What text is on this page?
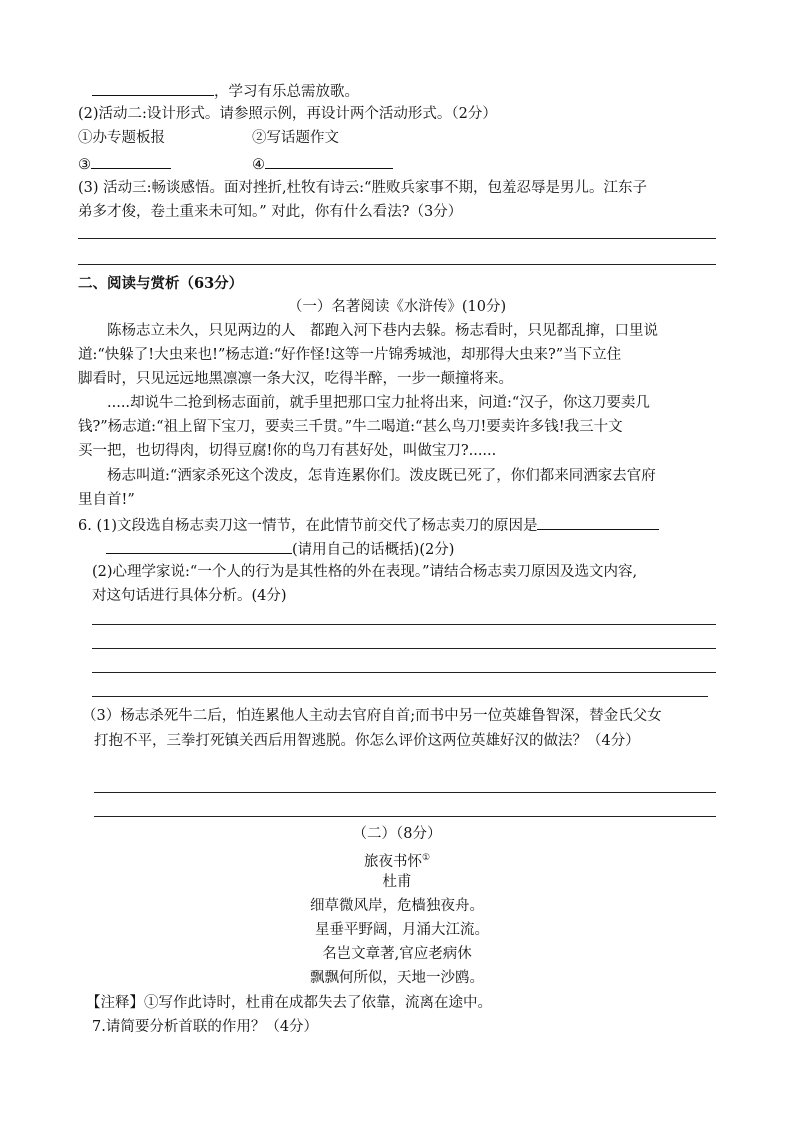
，学习有乐总需放歌。
(2)活动二:设计形式。请参照示例，再设计两个活动形式。（2分）
①办专题板报	②写话题作文
③	④
(3) 活动三:畅谈感悟。面对挫折,杜牧有诗云:“胜败兵家事不期，包羞忍辱是男儿。江东子
弟多才俊，卷土重来未可知。” 对此，你有什么看法?（3分）
二、阅读与赏析（63分）
（一）名著阅读《水浒传》(10分)
陈杨志立未久，只见两边的人　都跑入河下巷内去躲。杨志看时，只见都乱撺，口里说
道:“快躲了!大虫来也!”杨志道:“好作怪!这等一片锦秀城池，却那得大虫来?”当下立住
脚看时，只见远远地黑凛凛一条大汉，吃得半醉，一步一颠撞将来。
.....却说牛二抢到杨志面前，就手里把那口宝力扯将出来，问道:“汉子，你这刀要卖几
钱?”杨志道:“祖上留下宝刀，要卖三千贯。”牛二喝道:“甚么鸟刀!要卖许多钱!我三十文
买一把，也切得肉，切得豆腐!你的鸟刀有甚好处，叫做宝刀?......
杨志叫道:“洒家杀死这个泼皮，怎肯连累你们。泼皮既已死了，你们都来同洒家去官府
里自首!”
6. (1)文段选自杨志卖刀这一情节，在此情节前交代了杨志卖刀的原因是
(请用自己的话概括)(2分)
(2)心理学家说:“一个人的行为是其性格的外在表现。”请结合杨志卖刀原因及选文内容,
对这句话进行具体分析。(4分)
（3）杨志杀死牛二后，怕连累他人主动去官府自首;而书中另一位英雄鲁智深，替金氏父女
打抱不平，三拳打死镇关西后用智逃脱。你怎么评价这两位英雄好汉的做法？（4分）
（二）（8分）
旅夜书怀①
杜甫
细草微风岸，危樯独夜舟。
星垂平野阔，月涌大江流。
名岂文章著,官应老病休
飘飘何所似，天地一沙鸥。
【注释】①写作此诗时，杜甫在成都失去了依靠，流离在途中。
7.请简要分析首联的作用？（4分）
